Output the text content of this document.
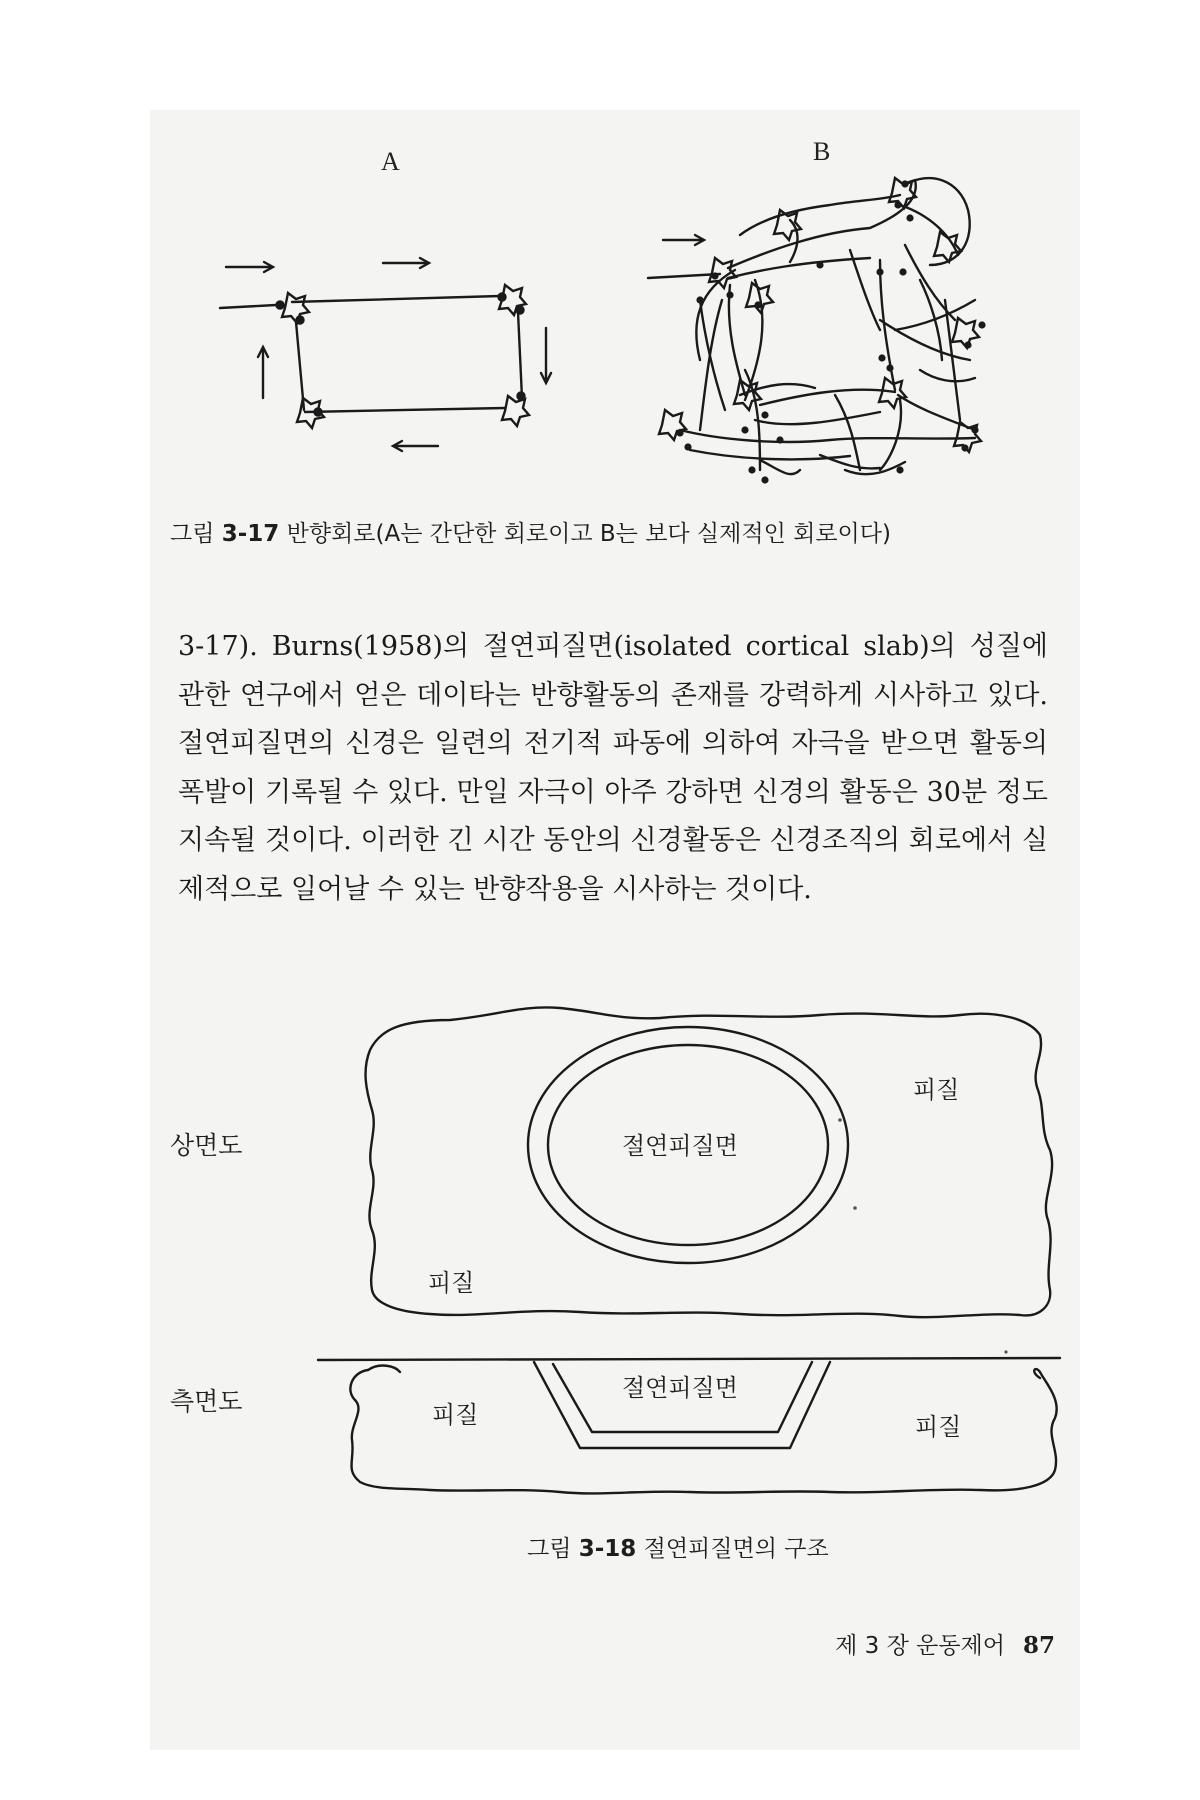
A	B
그림 3-17 반향회로(A는 간단한 회로이고 B는 보다 실제적인 회로이다)

3-17). Burns(1958)의 절연피질면(isolated cortical slab)의 성질에 관한 연구에서 얻은 데이타는 반향활동의 존재를 강력하게 시사하고 있다. 절연피질면의 신경은 일련의 전기적 파동에 의하여 자극을 받으면 활동의 폭발이 기록될 수 있다. 만일 자극이 아주 강하면 신경의 활동은 30분 정도 지속될 것이다. 이러한 긴 시간 동안의 신경활동은 신경조직의 회로에서 실제적으로 일어날 수 있는 반향작용을 시사하는 것이다.

상면도
측면도
절연피질면
피질
피질
절연피질면
피질	피질
그림 3-18 절연피질면의 구조
제 3 장 운동제어 87
